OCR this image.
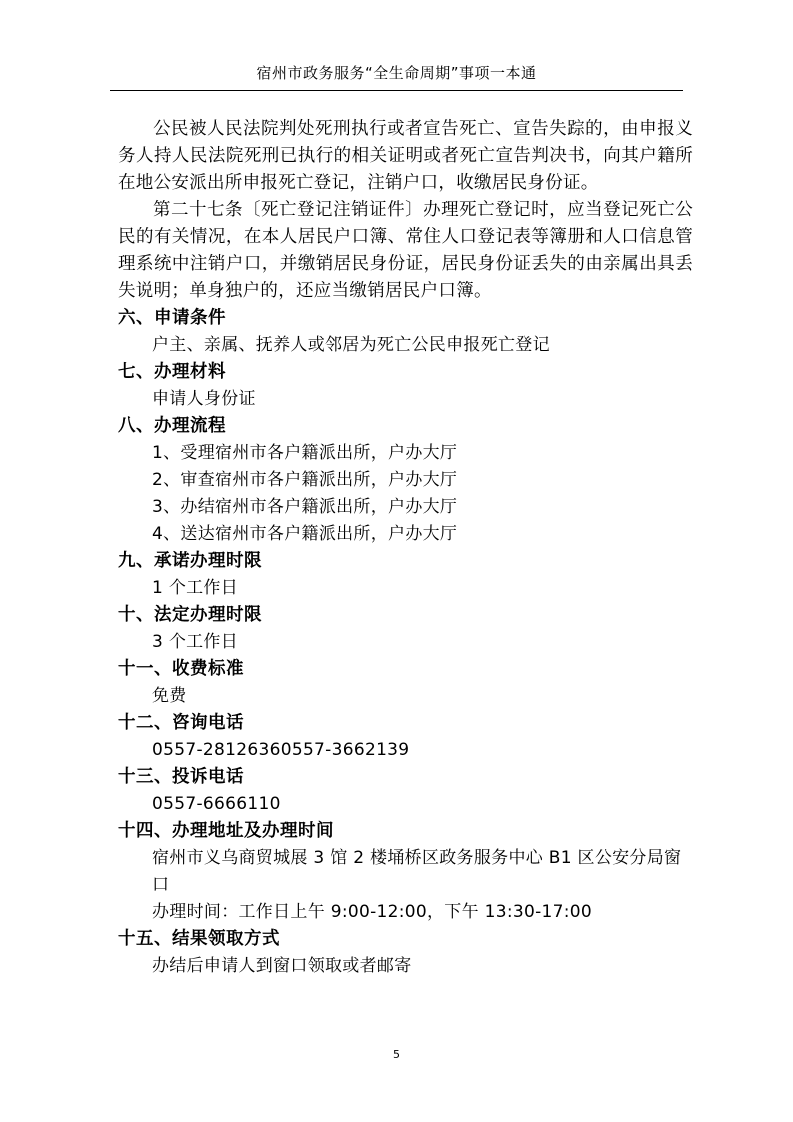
宿州市政务服务“全生命周期”事项一本通

公民被人民法院判处死刑执行或者宣告死亡、宣告失踪的，由申报义务人持人民法院死刑已执行的相关证明或者死亡宣告判决书，向其户籍所在地公安派出所申报死亡登记，注销户口，收缴居民身份证。

第二十七条〔死亡登记注销证件〕办理死亡登记时，应当登记死亡公民的有关情况，在本人居民户口簿、常住人口登记表等簿册和人口信息管理系统中注销户口，并缴销居民身份证，居民身份证丢失的由亲属出具丢失说明；单身独户的，还应当缴销居民户口簿。

六、申请条件

户主、亲属、抚养人或邻居为死亡公民申报死亡登记

七、办理材料

申请人身份证

八、办理流程

1、受理宿州市各户籍派出所，户办大厅

2、审查宿州市各户籍派出所，户办大厅

3、办结宿州市各户籍派出所，户办大厅

4、送达宿州市各户籍派出所，户办大厅

九、承诺办理时限

1 个工作日

十、法定办理时限

3 个工作日

十一、收费标准

免费

十二、咨询电话

0557-28126360557-3662139

十三、投诉电话

0557-6666110

十四、办理地址及办理时间

宿州市义乌商贸城展 3 馆 2 楼埇桥区政务服务中心 B1 区公安分局窗口

办理时间：工作日上午 9:00-12:00，下午 13:30-17:00

十五、结果领取方式

办结后申请人到窗口领取或者邮寄

5
